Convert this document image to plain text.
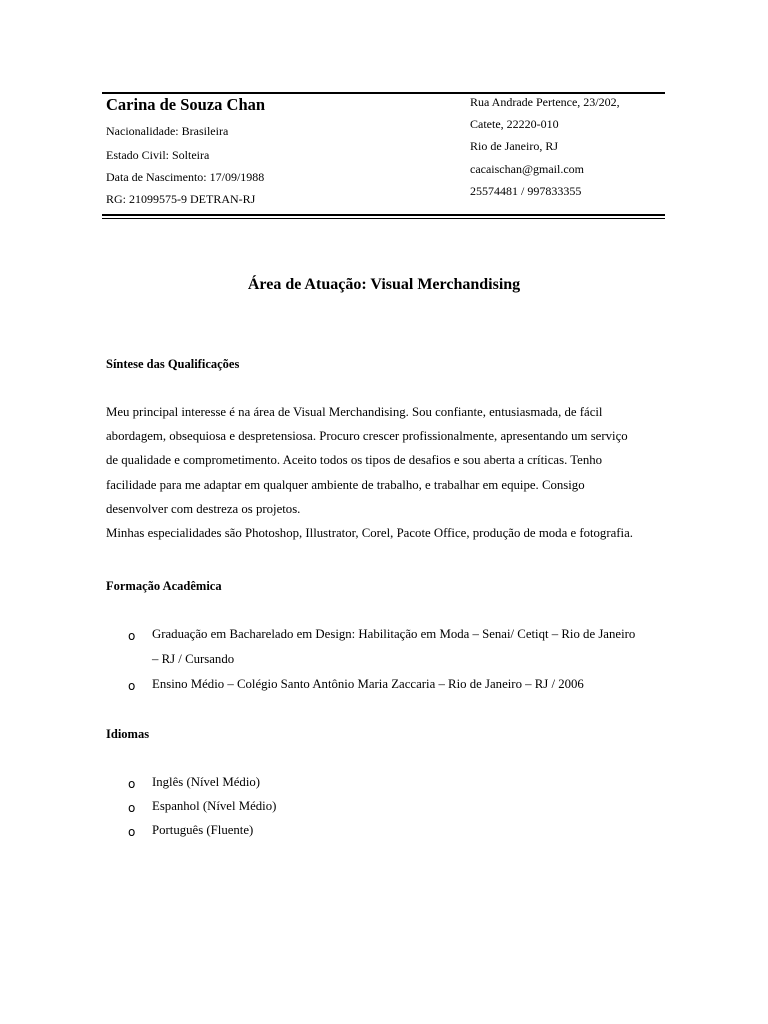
Carina de Souza Chan
Nacionalidade: Brasileira
Estado Civil: Solteira
Data de Nascimento: 17/09/1988
RG: 21099575-9 DETRAN-RJ
Rua Andrade Pertence, 23/202,
Catete, 22220-010
Rio de Janeiro, RJ
cacaischan@gmail.com
25574481 / 997833355
Área de Atuação: Visual Merchandising
Síntese das Qualificações
Meu principal interesse é na área de Visual Merchandising. Sou confiante, entusiasmada, de fácil
abordagem, obsequiosa e despretensiosa. Procuro crescer profissionalmente, apresentando um serviço
de qualidade e comprometimento. Aceito todos os tipos de desafios e sou aberta a críticas. Tenho
facilidade para me adaptar em qualquer ambiente de trabalho, e trabalhar em equipe. Consigo
desenvolver com destreza os projetos.
Minhas especialidades são Photoshop, Illustrator, Corel, Pacote Office, produção de moda e fotografia.
Formação Acadêmica
o Graduação em Bacharelado em Design: Habilitação em Moda – Senai/ Cetiqt – Rio de Janeiro
– RJ / Cursando
o Ensino Médio – Colégio Santo Antônio Maria Zaccaria – Rio de Janeiro – RJ / 2006
Idiomas
o Inglês (Nível Médio)
o Espanhol (Nível Médio)
o Português (Fluente)
